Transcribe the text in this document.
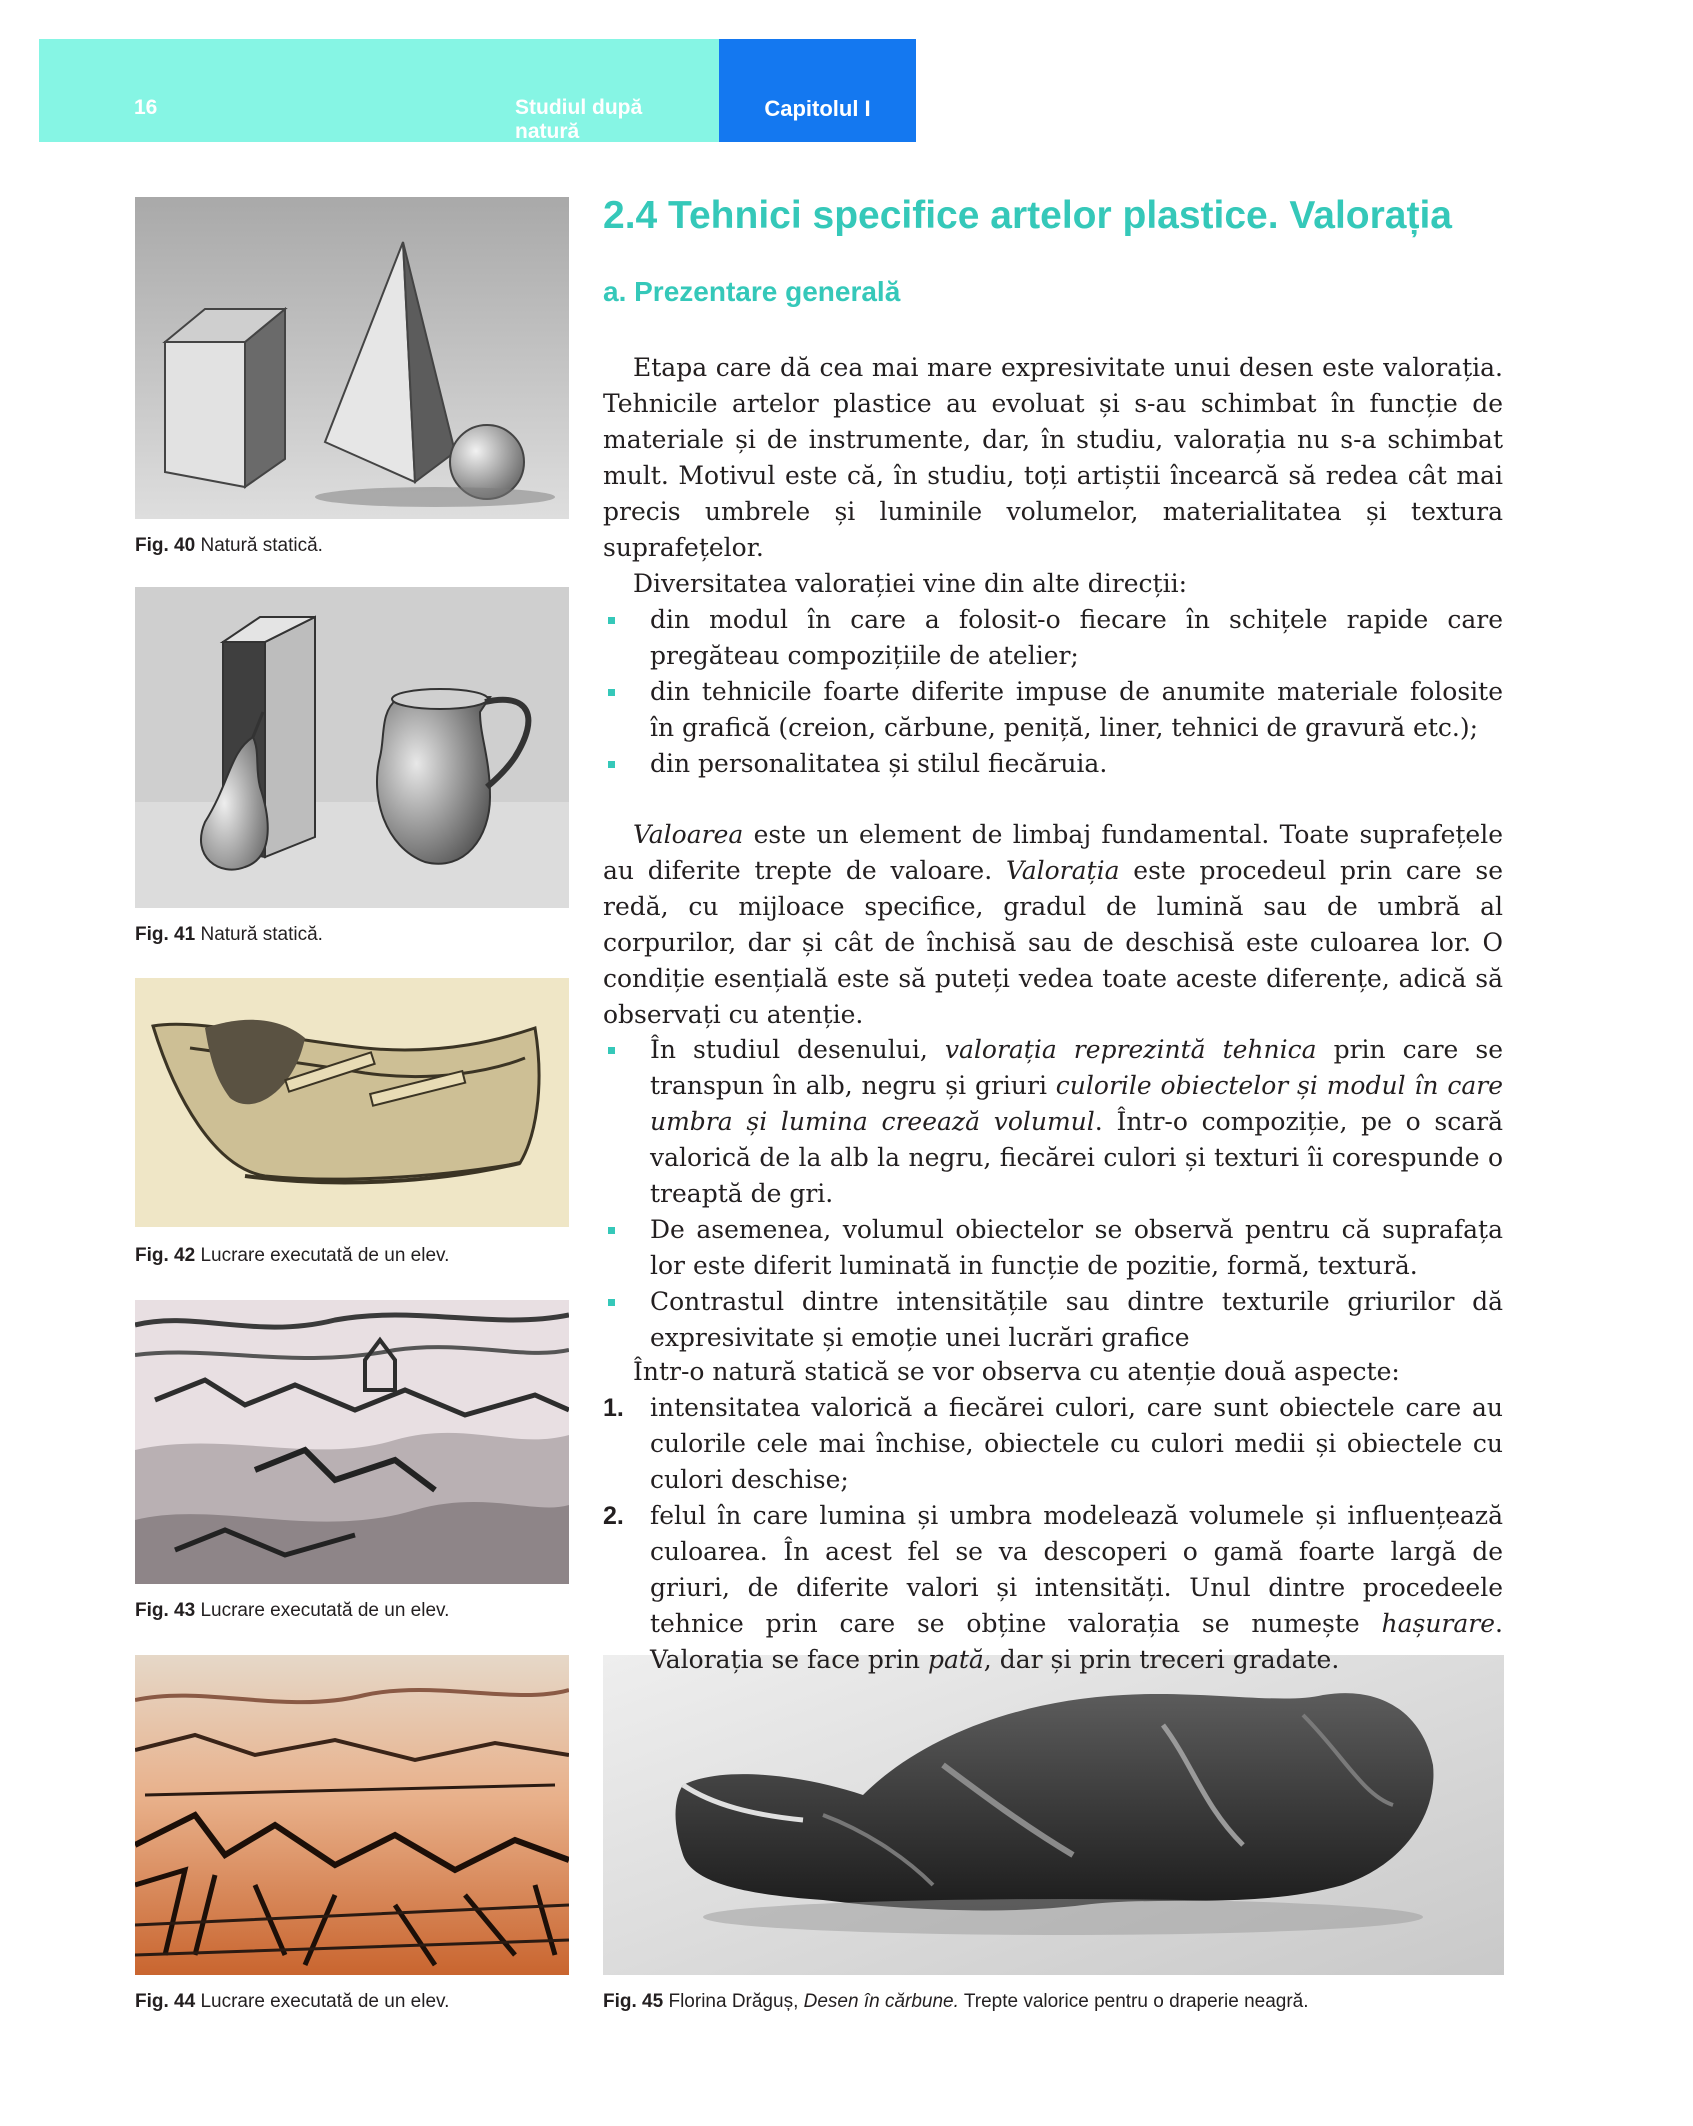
16	Studiul după natură
Capitolul I
Fig. 40 Natură statică.
Fig. 41 Natură statică.
Fig. 42 Lucrare executată de un elev.
Fig. 43 Lucrare executată de un elev.
Fig. 44 Lucrare executată de un elev.	Fig. 45 Florina Drăguș, Desen în cărbune. Trepte valorice pentru o draperie neagră.
2.4 Tehnici specifice artelor plastice. Valorația
a. Prezentare generală

Etapa care dă cea mai mare expresivitate unui desen este valorația. Tehnicile artelor plastice au evoluat și s-au schimbat în funcție de materiale și de instrumente, dar, în studiu, valorația nu s-a schimbat mult. Motivul este că, în studiu, toți artiștii încearcă să redea cât mai precis umbrele și luminile volumelor, materialitatea și textura suprafețelor.

Diversitatea valorației vine din alte direcții:

din modul în care a folosit-o fiecare în schițele rapide care pregăteau compozițiile de atelier;
din tehnicile foarte diferite impuse de anumite materiale folosite în grafică (creion, cărbune, peniță, liner, tehnici de gravură etc.);
din personalitatea și stilul fiecăruia.

Valoarea este un element de limbaj fundamental. Toate suprafețele au diferite trepte de valoare. Valorația este procedeul prin care se redă, cu mijloace specifice, gradul de lumină sau de umbră al corpurilor, dar și cât de închisă sau de deschisă este culoarea lor. O condiție esențială este să puteți vedea toate aceste diferențe, adică să observați cu atenție.

În studiul desenului, valorația reprezintă tehnica prin care se transpun în alb, negru și griuri culorile obiectelor și modul în care umbra și lumina creează volumul. Într-o compoziție, pe o scară valorică de la alb la negru, fiecărei culori și texturi îi corespunde o treaptă de gri.
De asemenea, volumul obiectelor se observă pentru că suprafața lor este diferit luminată in funcție de pozitie, formă, textură.
Contrastul dintre intensitățile sau dintre texturile griurilor dă expresivitate și emoție unei lucrări grafice

Într-o natură statică se vor observa cu atenție două aspecte:

1. intensitatea valorică a fiecărei culori, care sunt obiectele care au culorile cele mai închise, obiectele cu culori medii și obiectele cu culori deschise;
2. felul în care lumina și umbra modelează volumele și influențează culoarea. În acest fel se va descoperi o gamă foarte largă de griuri, de diferite valori și intensități. Unul dintre procedeele tehnice prin care se obține valorația se numește hașurare. Valorația se face prin pată, dar și prin treceri gradate.
